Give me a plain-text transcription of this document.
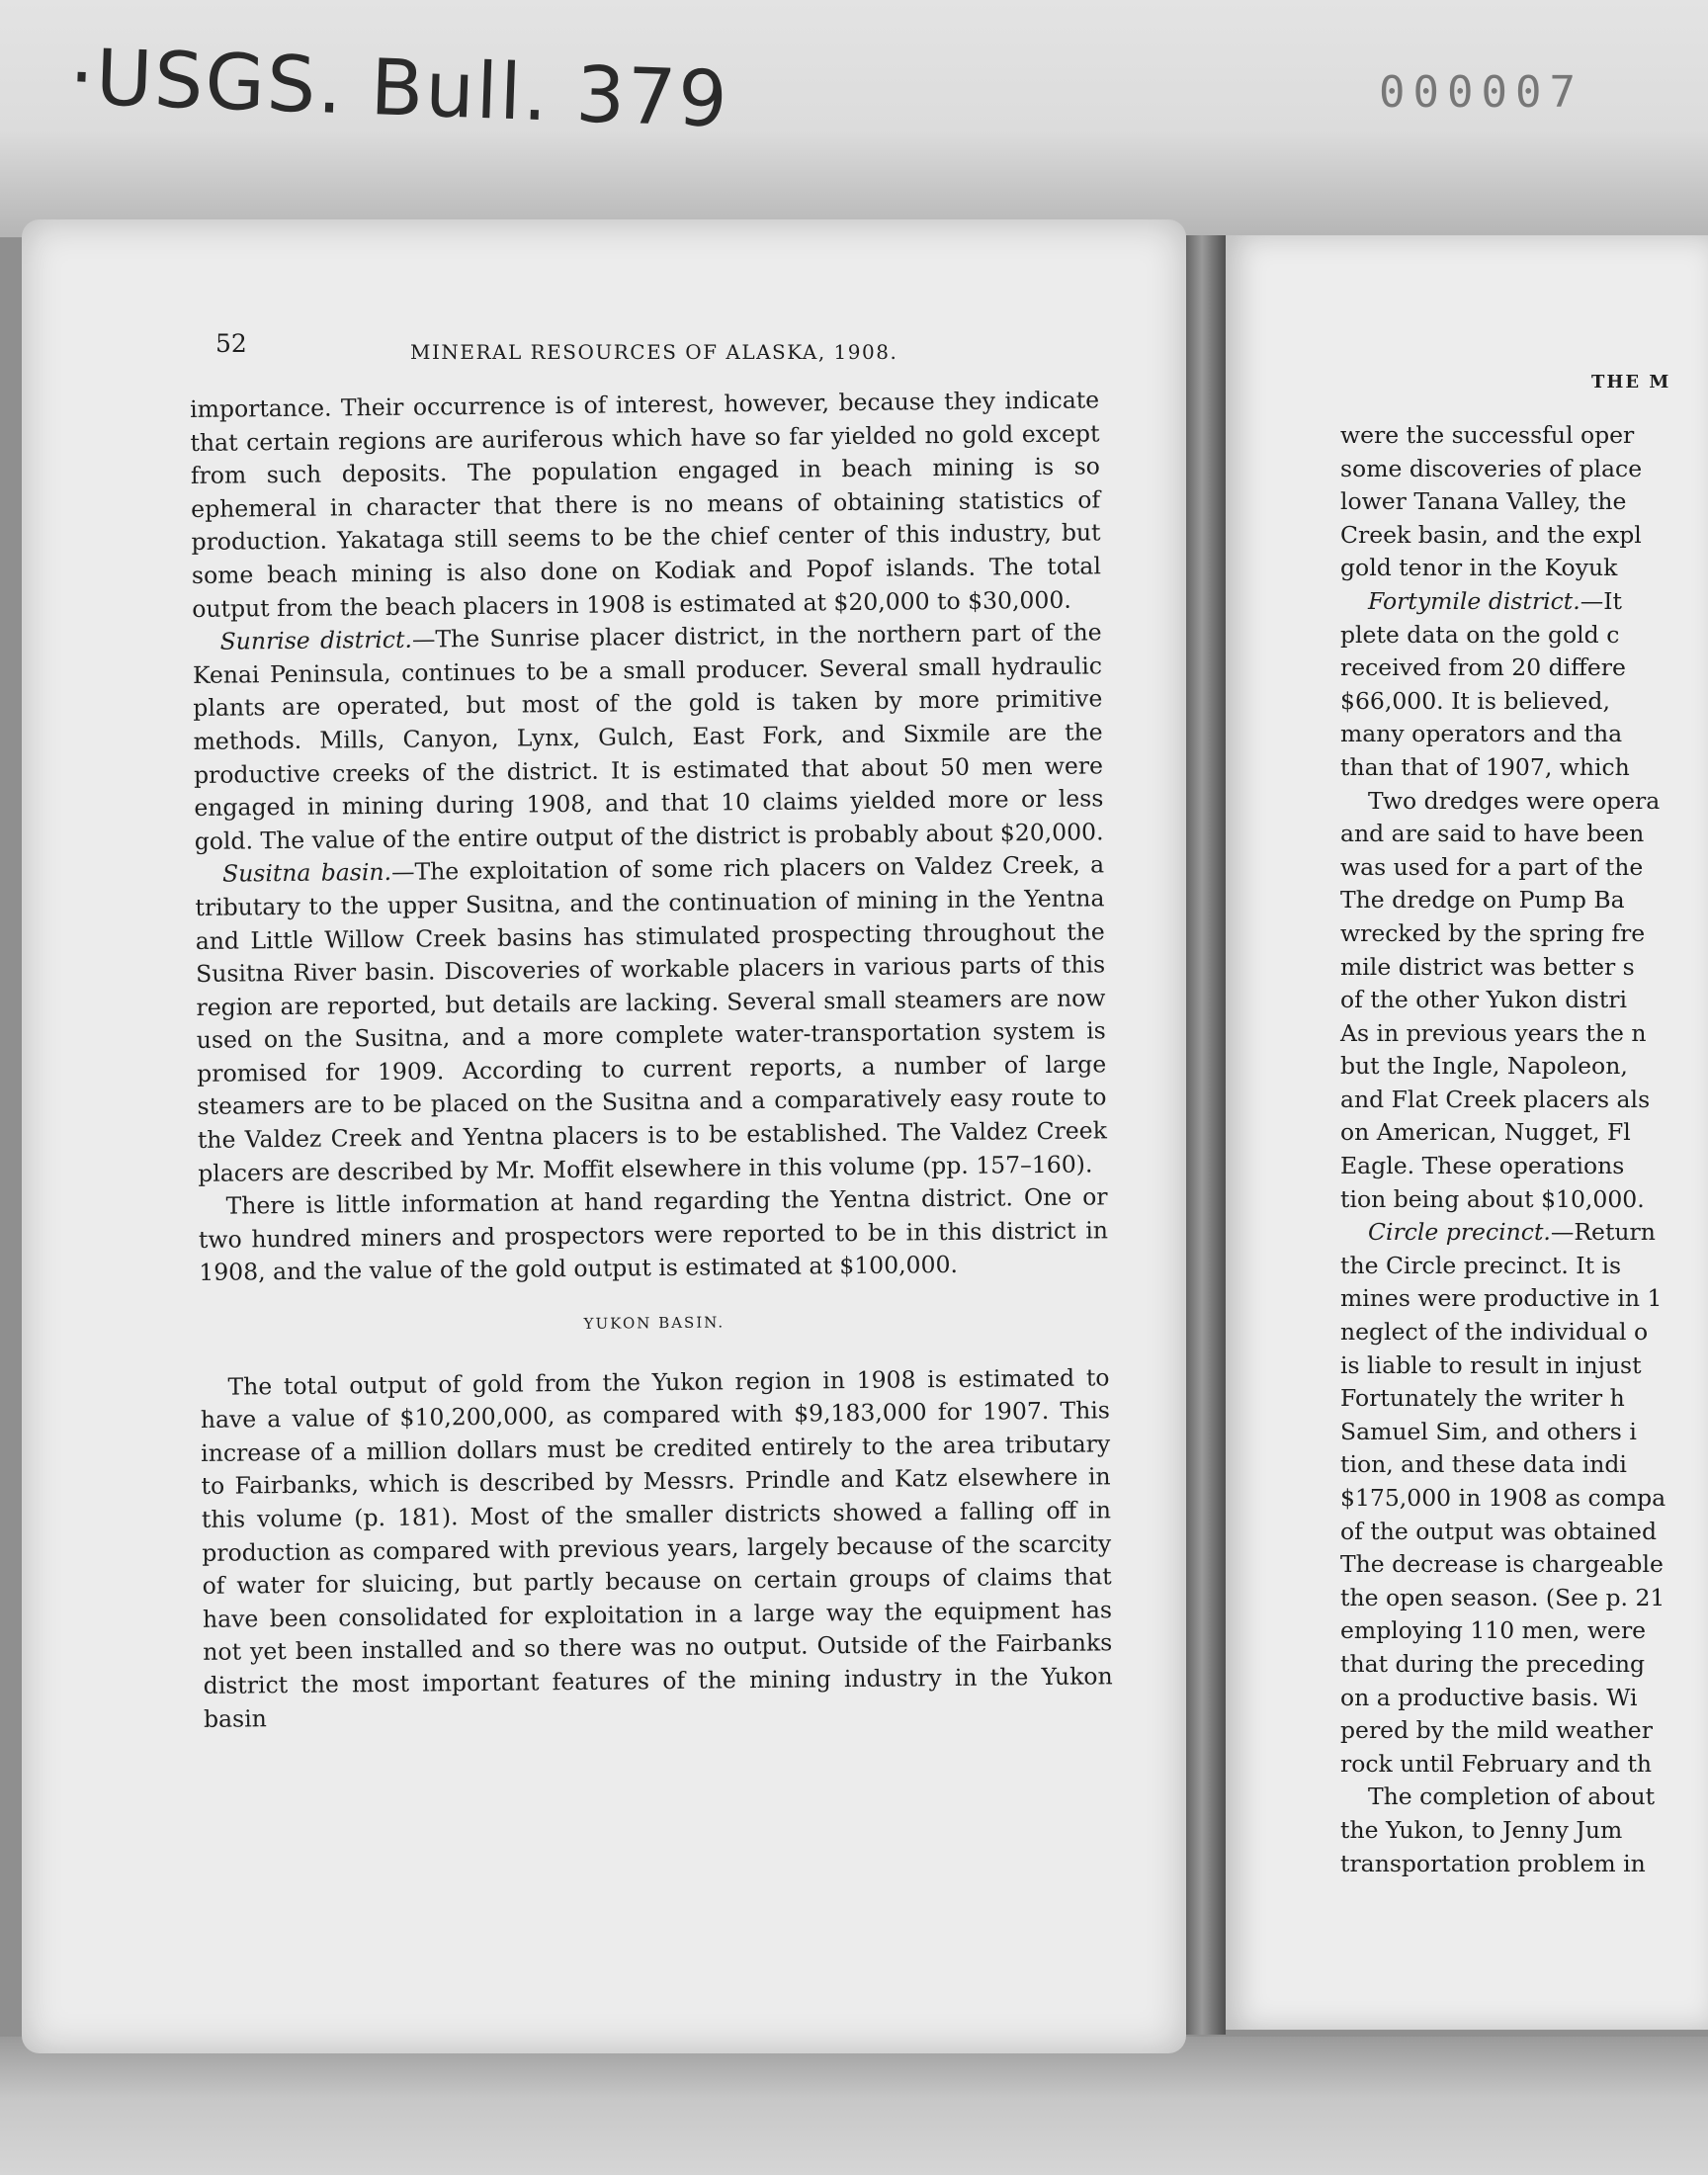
·USGS. Bull. 379	000007
52	MINERAL RESOURCES OF ALASKA, 1908.

importance. Their occurrence is of interest, however, because they indicate that certain regions are auriferous which have so far yielded no gold except from such deposits. The population engaged in beach mining is so ephemeral in character that there is no means of obtaining statistics of production. Yakataga still seems to be the chief center of this industry, but some beach mining is also done on Kodiak and Popof islands. The total output from the beach placers in 1908 is estimated at $20,000 to $30,000.

Sunrise district.—The Sunrise placer district, in the northern part of the Kenai Peninsula, continues to be a small producer. Several small hydraulic plants are operated, but most of the gold is taken by more primitive methods. Mills, Canyon, Lynx, Gulch, East Fork, and Sixmile are the productive creeks of the district. It is estimated that about 50 men were engaged in mining during 1908, and that 10 claims yielded more or less gold. The value of the entire output of the district is probably about $20,000.

Susitna basin.—The exploitation of some rich placers on Valdez Creek, a tributary to the upper Susitna, and the continuation of mining in the Yentna and Little Willow Creek basins has stimulated prospecting throughout the Susitna River basin. Discoveries of workable placers in various parts of this region are reported, but details are lacking. Several small steamers are now used on the Susitna, and a more complete water-transportation system is promised for 1909. According to current reports, a number of large steamers are to be placed on the Susitna and a comparatively easy route to the Valdez Creek and Yentna placers is to be established. The Valdez Creek placers are described by Mr. Moffit elsewhere in this volume (pp. 157–160).

There is little information at hand regarding the Yentna district. One or two hundred miners and prospectors were reported to be in this district in 1908, and the value of the gold output is estimated at $100,000.

YUKON BASIN.

The total output of gold from the Yukon region in 1908 is estimated to have a value of $10,200,000, as compared with $9,183,000 for 1907. This increase of a million dollars must be credited entirely to the area tributary to Fairbanks, which is described by Messrs. Prindle and Katz elsewhere in this volume (p. 181). Most of the smaller districts showed a falling off in production as compared with previous years, largely because of the scarcity of water for sluicing, but partly because on certain groups of claims that have been consolidated for exploitation in a large way the equipment has not yet been installed and so there was no output. Outside of the Fairbanks district the most important features of the mining industry in the Yukon basin

THE M
were the successful oper
some discoveries of place
lower Tanana Valley, the
Creek basin, and the expl
gold tenor in the Koyuk
Fortymile district.—It
plete data on the gold c
received from 20 differe
$66,000. It is believed,
many operators and tha
than that of 1907, which
Two dredges were opera
and are said to have been
was used for a part of the
The dredge on Pump Ba
wrecked by the spring fre
mile district was better s
of the other Yukon distri
As in previous years the n
but the Ingle, Napoleon,
and Flat Creek placers als
on American, Nugget, Fl
Eagle. These operations
tion being about $10,000.
Circle precinct.—Return
the Circle precinct. It is
mines were productive in 1
neglect of the individual o
is liable to result in injust
Fortunately the writer h
Samuel Sim, and others i
tion, and these data indi
$175,000 in 1908 as compa
of the output was obtained
The decrease is chargeable
the open season. (See p. 21
employing 110 men, were
that during the preceding
on a productive basis. Wi
pered by the mild weather
rock until February and th
The completion of about
the Yukon, to Jenny Jum
transportation problem in
